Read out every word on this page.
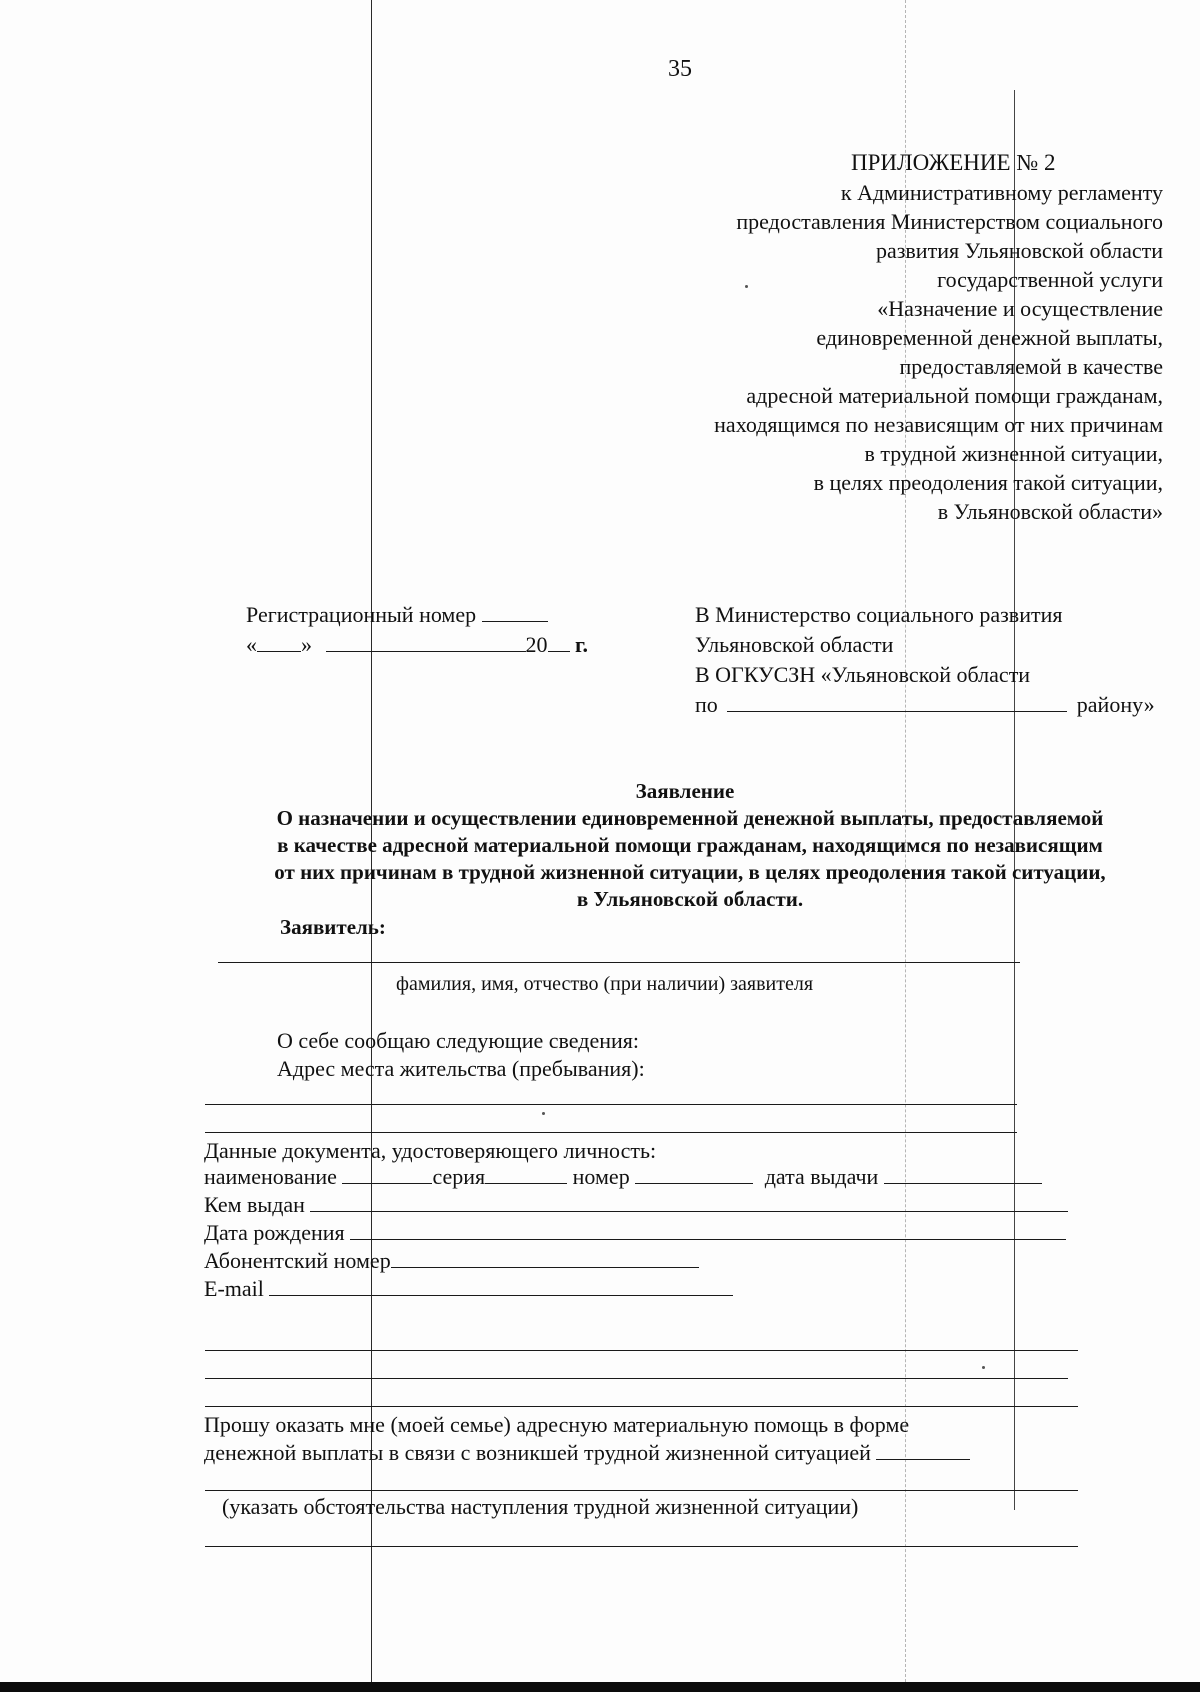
35
ПРИЛОЖЕНИЕ № 2
к Административному регламенту
предоставления Министерством социального
развития Ульяновской области
государственной услуги
«Назначение и осуществление
единовременной денежной выплаты,
предоставляемой в качестве
адресной материальной помощи гражданам,
находящимся по независящим от них причинам
в трудной жизненной ситуации,
в целях преодоления такой ситуации,
в Ульяновской области»
Регистрационный номер
« »	20 г.
В Министерство социального развития
Ульяновской области
В ОГКУСЗН «Ульяновской области
по	району»
Заявление
О назначении и осуществлении единовременной денежной выплаты, предоставляемой
в качестве адресной материальной помощи гражданам, находящимся по независящим
от них причинам в трудной жизненной ситуации, в целях преодоления такой ситуации,
в Ульяновской области.
Заявитель:
фамилия, имя, отчество (при наличии) заявителя
О себе сообщаю следующие сведения:
Адрес места жительства (пребывания):
Данные документа, удостоверяющего личность:
наименование	серия	номер	дата выдачи
Кем выдан
Дата рождения
Абонентский номер
E-mail
Прошу оказать мне (моей семье) адресную материальную помощь в форме
денежной выплаты в связи с возникшей трудной жизненной ситуацией
(указать обстоятельства наступления трудной жизненной ситуации)
